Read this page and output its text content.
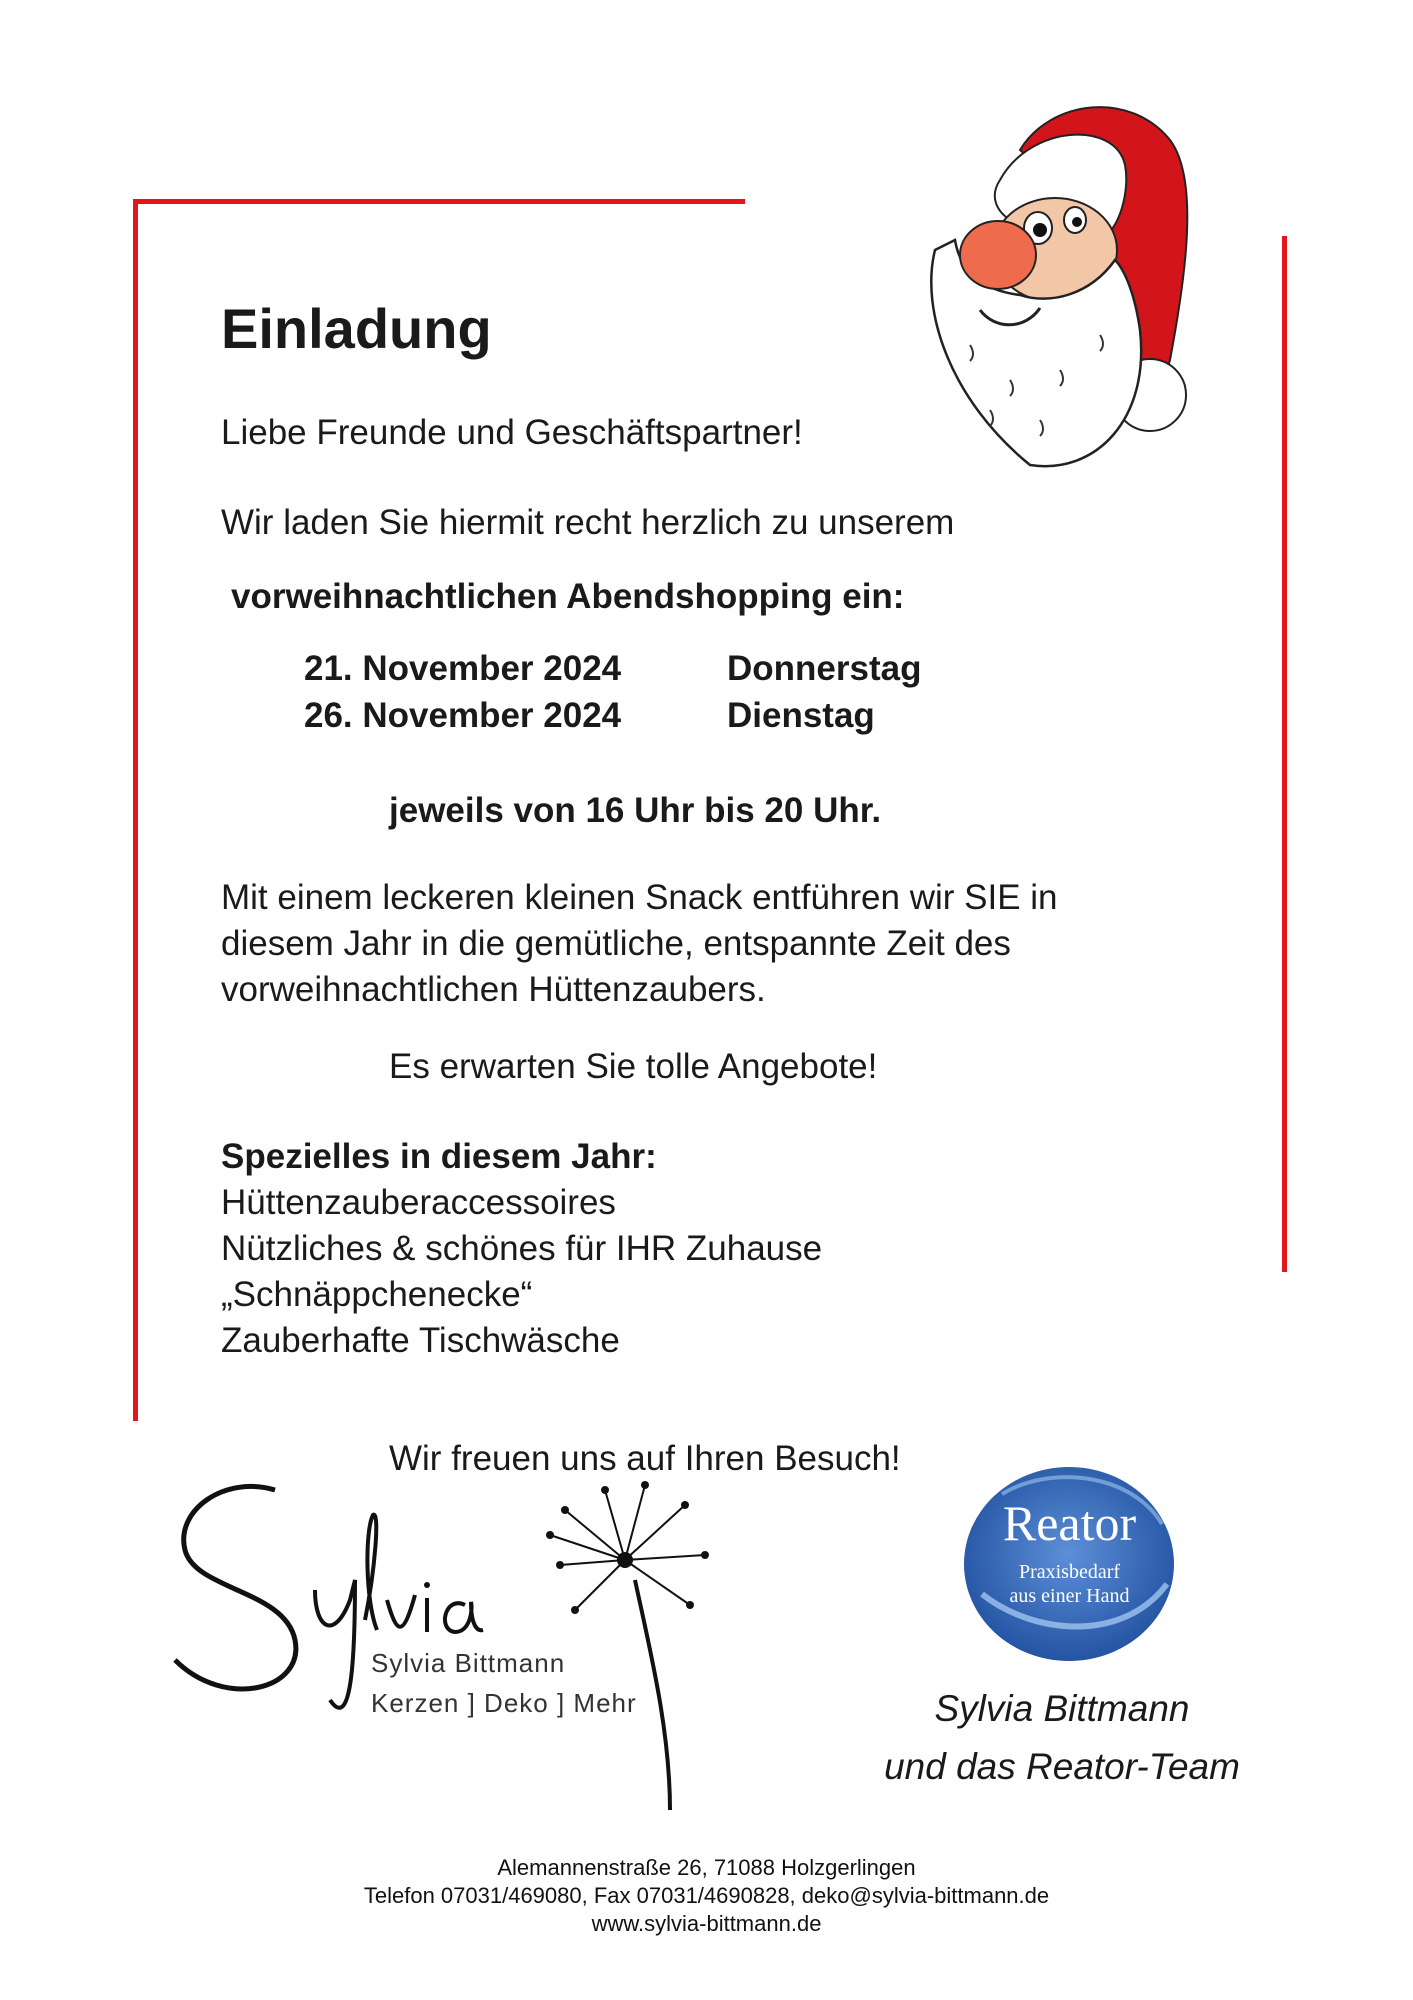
Einladung
Liebe Freunde und Geschäftspartner!
Wir laden Sie hiermit recht herzlich zu unserem
vorweihnachtlichen Abendshopping ein:
21. November 2024	Donnerstag
26. November 2024	Dienstag
jeweils von 16 Uhr bis 20 Uhr.
Mit einem leckeren kleinen Snack entführen wir SIE in
diesem Jahr in die gemütliche, entspannte Zeit des
vorweihnachtlichen Hüttenzaubers.
Es erwarten Sie tolle Angebote!
Spezielles in diesem Jahr:
Hüttenzauberaccessoires
Nützliches & schönes für IHR Zuhause
„Schnäppchenecke“
Zauberhafte Tischwäsche
Wir freuen uns auf Ihren Besuch!
Sylvia Bittmann
Kerzen ] Deko ] Mehr
Reator
Praxisbedarf
aus einer Hand
Sylvia Bittmann
und das Reator-Team
Alemannenstraße 26, 71088 Holzgerlingen
Telefon 07031/469080, Fax 07031/4690828, deko@sylvia-bittmann.de
www.sylvia-bittmann.de
